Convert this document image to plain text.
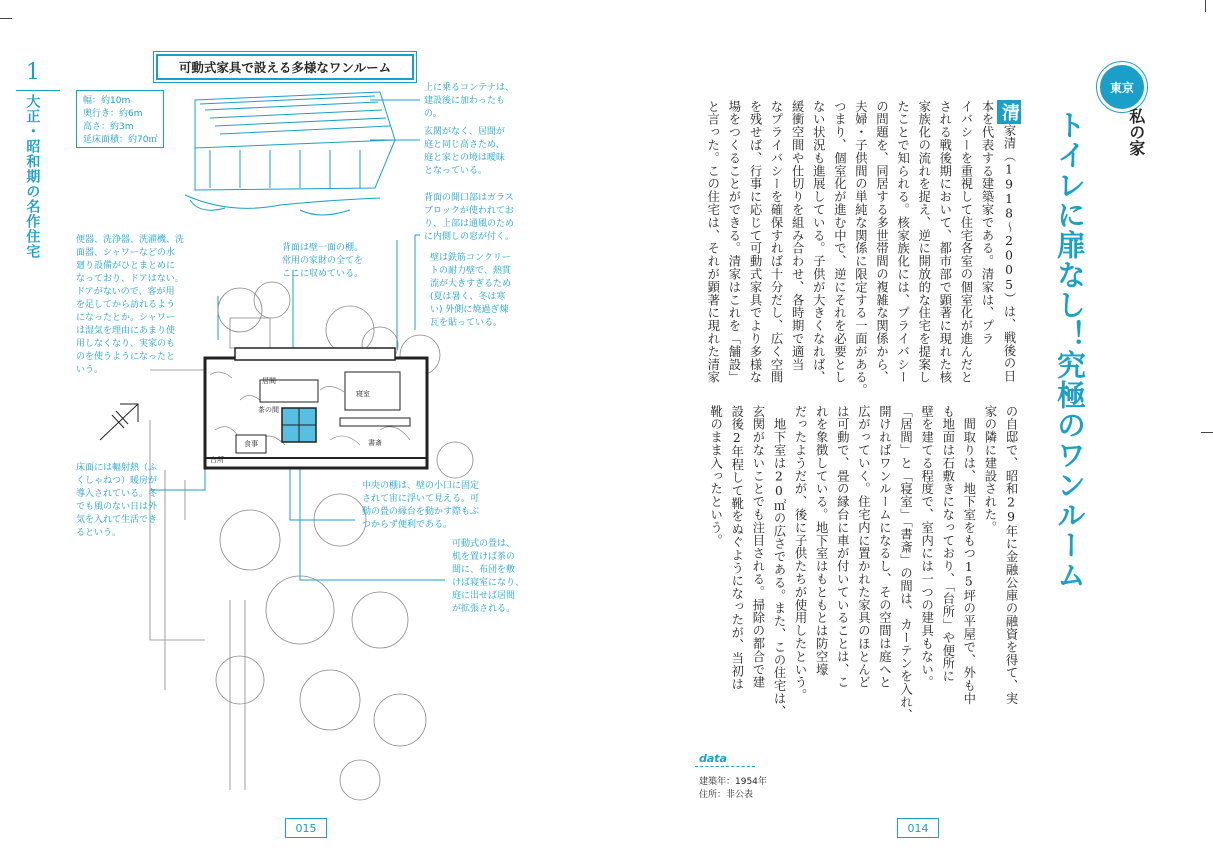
居間
茶の間
寝室
書斎
食事
台所
1
大正・昭和期の名作住宅
可動式家具で設える多様なワンルーム
幅：約10m
奥行き：約6m
高さ：約3m
延床面積：約70㎡
上に乗るコンテナは、
建設後に加わったも
の。
玄関がなく、居間が
庭と同じ高さため、
庭と家との境は曖昧
となっている。
背面の開口部はガラス
ブロックが使われてお
り、上部は通風のため
に内側しの窓が付く。
便器、洗浄器、洗濯機、洗
面器、シャワーなどの水
廻り設備がひとまとめに
なっており、ドアはない。
ドアがないので、客が用
を足してから訪れるよう
になったとか。シャワー
は湿気を理由にあまり使
用しなくなり、実家のも
のを使うようになったと
いう。
背面は壁一面の棚。
常用の家財の全てを
ここに収めている。
壁は鉄筋コンクリー
トの耐力壁で、熱貫
流が大きすぎるため
(夏は暑く、冬は寒
い) 外側に焼過ぎ煉
瓦を貼っている。
床面には輻射熱（ふ
くしゃねつ）暖房が
導入されている。冬
でも風のない日は外
気を入れて生活でき
るという。
中央の棚は、壁の小口に固定
されて宙に浮いて見える。可
動の畳の縁台を動かす際もぶ
つからず便利である。
可動式の畳は、
机を置けば茶の
間に、布団を敷
けば寝室になり、
庭に出せば居間
が拡張される。
015
東京
私の家
トイレに扉なし！究極のワンルーム
清家清（1918〜2005）は、戦後の日
本を代表する建築家である。清家は、プラ
イバシーを重視して住宅各室の個室化が進んだと
される戦後期において、都市部で顕著に現れた核
家族化の流れを捉え、逆に開放的な住宅を提案し
たことで知られる。核家族化には、プライバシー
の問題を、同居する多世帯間の複雑な関係から、
夫婦・子供間の単純な関係に限定する一面がある。
つまり、個室化が進む中で、逆にそれを必要とし
ない状況も進展している。子供が大きくなれば、
緩衝空間や仕切りを組み合わせ、各時期で適当
なプライバシーを確保すれば十分だし、広く空間
を残せば、行事に応じて可動式家具でより多様な
場をつくることができる。清家はこれを「舗設」
と言った。この住宅は、それが顕著に現れた清家
の自邸で、昭和29年に金融公庫の融資を得て、実
家の隣に建設された。
　間取りは、地下室をもつ15坪の平屋で、外も中
も地面は石敷きになっており、「台所」や便所に
壁を建てる程度で、室内には一つの建具もない。
「居間」と「寝室」「書斎」の間は、カーテンを入れ、
開ければワンルームになるし、その空間は庭へと
広がっていく。住宅内に置かれた家具のほとんど
は可動で、畳の縁台に車が付いていることは、こ
れを象徴している。地下室はもともとは防空壕
だったようだが、後に子供たちが使用したという。
　地下室は20㎡の広さである。また、この住宅は、
玄関がないことでも注目される。掃除の都合で建
設後2年程して靴をぬぐようになったが、当初は
靴のまま入ったという。
data
建築年：1954年
住所：非公表
014
